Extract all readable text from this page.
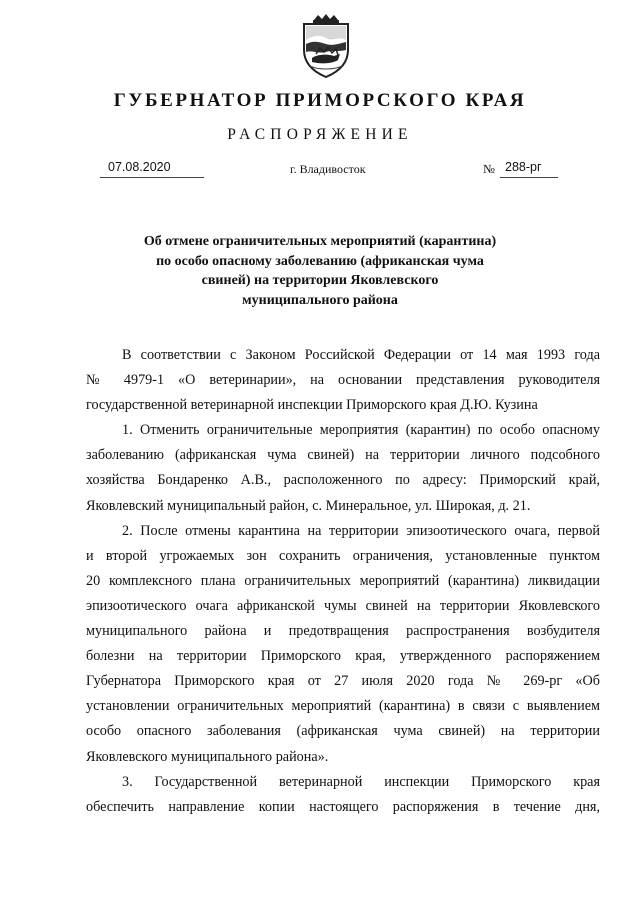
ГУБЕРНАТОР ПРИМОРСКОГО КРАЯ
РАСПОРЯЖЕНИЕ
07.08.2020	г. Владивосток	№ 288-рг
Об отмене ограничительных мероприятий (карантина)
по особо опасному заболеванию (африканская чума
свиней) на территории Яковлевского
муниципального района
В соответствии с Законом Российской Федерации от 14 мая 1993 года
№ 4979-1 «О ветеринарии», на основании представления руководителя
государственной ветеринарной инспекции Приморского края Д.Ю. Кузина
1. Отменить ограничительные мероприятия (карантин) по особо опасному
заболеванию (африканская чума свиней) на территории личного подсобного
хозяйства Бондаренко А.В., расположенного по адресу: Приморский край,
Яковлевский муниципальный район, с. Минеральное, ул. Широкая, д. 21.
2. После отмены карантина на территории эпизоотического очага, первой
и второй угрожаемых зон сохранить ограничения, установленные пунктом
20 комплексного плана ограничительных мероприятий (карантина) ликвидации
эпизоотического очага африканской чумы свиней на территории Яковлевского
муниципального района и предотвращения распространения возбудителя
болезни на территории Приморского края, утвержденного распоряжением
Губернатора Приморского края от 27 июля 2020 года № 269-рг «Об
установлении ограничительных мероприятий (карантина) в связи с выявлением
особо опасного заболевания (африканская чума свиней) на территории
Яковлевского муниципального района».
3. Государственной ветеринарной инспекции Приморского края
обеспечить направление копии настоящего распоряжения в течение дня,
